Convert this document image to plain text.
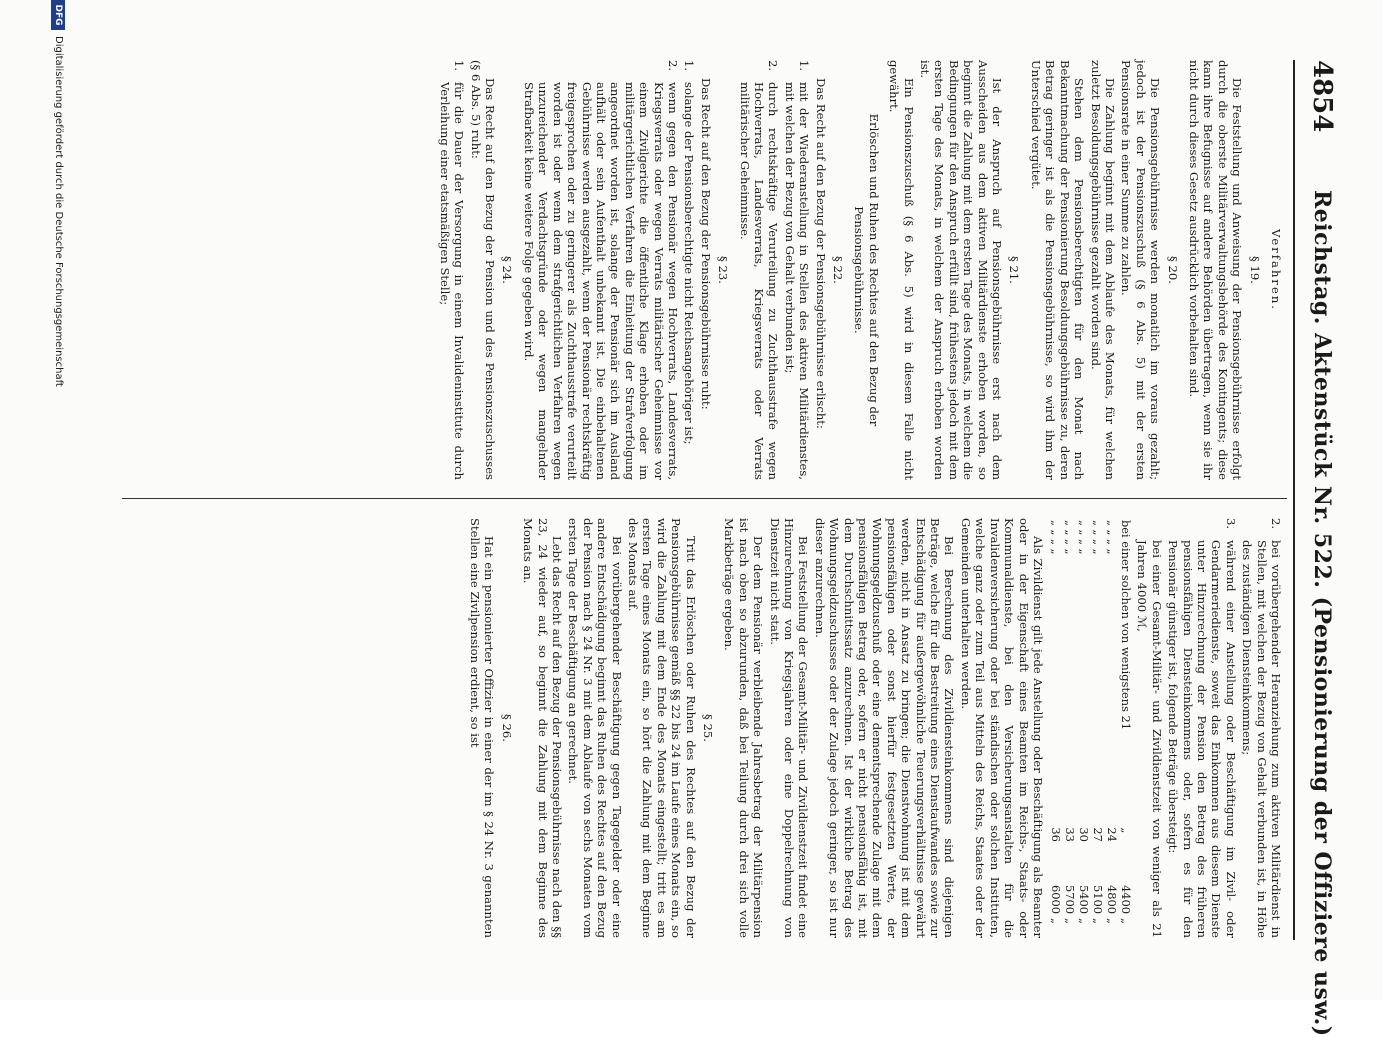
4854
Reichstag. Aktenstück Nr. 522. (Pensionierung der Offiziere usw.)
Verfahren.
§ 19.

Die Feststellung und Anweisung der Pensionsgebührnisse erfolgt durch die oberste Militärverwaltungsbehörde des Kontingents; diese kann ihre Befugnisse auf andere Behörden übertragen, wenn sie ihr nicht durch dieses Gesetz ausdrücklich vorbehalten sind.

§ 20.

Die Pensionsgebührnisse werden monatlich im voraus gezahlt; jedoch ist der Pensionszuschuß (§ 6 Abs. 5) mit der ersten Pensionsrate in einer Summe zu zahlen.

Die Zahlung beginnt mit dem Ablaufe des Monats, für welchen zuletzt Besoldungsgebührnisse gezahlt worden sind.

Stehen dem Pensionsberechtigten für den Monat nach Bekanntmachung der Pensionierung Besoldungsgebührnisse zu, deren Betrag geringer ist als die Pensionsgebührnisse, so wird ihm der Unterschied vergütet.

§ 21.

Ist der Anspruch auf Pensionsgebührnisse erst nach dem Ausscheiden aus dem aktiven Militärdienste erhoben worden, so beginnt die Zahlung mit dem ersten Tage des Monats, in welchem die Bedingungen für den Anspruch erfüllt sind, frühestens jedoch mit dem ersten Tage des Monats, in welchem der Anspruch erhoben worden ist.

Ein Pensionszuschuß (§ 6 Abs. 5) wird in diesem Falle nicht gewährt.

Erlöschen und Ruhen des Rechtes auf den Bezug der Pensionsgebührnisse.
§ 22.

Das Recht auf den Bezug der Pensionsgebührnisse erlischt:

1.
mit der Wiederanstellung in Stellen des aktiven Militärdienstes, mit welchen der Bezug von Gehalt verbunden ist;
2.
durch rechtskräftige Verurteilung zu Zuchthausstrafe wegen Hochverrats, Landesverrats, Kriegsverrats oder Verrats militärischer Geheimnisse.
§ 23.

Das Recht auf den Bezug der Pensionsgebührnisse ruht:

1.
solange der Pensionsberechtigte nicht Reichsangehöriger ist;
2.
wenn gegen den Pensionär wegen Hochverrats, Landesverrats, Kriegsverrats oder wegen Verrats militärischer Geheimnisse vor einem Zivilgerichte die öffentliche Klage erhoben oder im militärgerichtlichen Verfahren die Einleitung der Strafverfolgung angeordnet worden ist, solange der Pensionär sich im Ausland aufhält oder sein Aufenthalt unbekannt ist. Die einbehaltenen Gebührnisse werden ausgezahlt, wenn der Pensionär rechtskräftig freigesprochen oder zu geringerer als Zuchthausstrafe verurteilt worden ist oder wenn dem strafgerichtlichen Verfahren wegen unzureichender Verdachtsgründe oder wegen mangelnder Strafbarkeit keine weitere Folge gegeben wird.
§ 24.

Das Recht auf den Bezug der Pension und des Pensionszuschusses (§ 6 Abs. 5) ruht:

1.
für die Dauer der Versorgung in einem Invalideninstitute durch Verleihung einer etatsmäßigen Stelle;
2.
bei vorübergehender Heranziehung zum aktiven Militärdienst in Stellen, mit welchen der Bezug von Gehalt verbunden ist, in Höhe des zuständigen Diensteinkommens;
3.
während einer Anstellung oder Beschäftigung im Zivil- oder Gendarmeriedienste, soweit das Einkommen aus diesem Dienste unter Hinzurechnung der Pension den Betrag des früheren pensionsfähigen Diensteinkommens oder, sofern es für den Pensionär günstiger ist, folgende Beträge übersteigt:

bei einer Gesamt-Militär- und Zivildienstzeit von weniger als 21 Jahren 4000 ℳ,

bei einer solchen von wenigstens 21	„	4400	„
„ „ „ „	24	4800	„
„ „ „ „	27	5100	„
„ „ „ „	30	5400	„
„ „ „ „	33	5700	„
„ „ „ „	36	6000	„

Als Zivildienst gilt jede Anstellung oder Beschäftigung als Beamter oder in der Eigenschaft eines Beamten im Reichs-, Staats- oder Kommunaldienste, bei den Versicherungsanstalten für die Invalidenversicherung oder bei ständischen oder solchen Instituten, welche ganz oder zum Teil aus Mitteln des Reichs, Staates oder der Gemeinden unterhalten werden.

Bei Berechnung des Zivildiensteinkommens sind diejenigen Beträge, welche für die Bestreitung eines Dienstaufwandes sowie zur Entschädigung für außergewöhnliche Teuerungsverhältnisse gewährt werden, nicht in Ansatz zu bringen; die Dienstwohnung ist mit dem pensionsfähigen oder sonst hierfür festgesetzten Werte, der Wohnungsgeldzuschuß oder eine dementsprechende Zulage mit dem pensionsfähigen Betrag oder, sofern er nicht pensionsfähig ist, mit dem Durchschnittssatz anzurechnen. Ist der wirkliche Betrag des Wohnungsgeldzuschusses oder der Zulage jedoch geringer, so ist nur dieser anzurechnen.

Bei Feststellung der Gesamt-Militär- und Zivildienstzeit findet eine Hinzurechnung von Kriegsjahren oder eine Doppelrechnung von Dienstzeit nicht statt.

Der dem Pensionär verbleibende Jahresbetrag der Militärpension ist nach oben so abzurunden, daß bei Teilung durch drei sich volle Markbeträge ergeben.

§ 25.

Tritt das Erlöschen oder Ruhen des Rechtes auf den Bezug der Pensionsgebührnisse gemäß §§ 22 bis 24 im Laufe eines Monats ein, so wird die Zahlung mit dem Ende des Monats eingestellt; tritt es am ersten Tage eines Monats ein, so hört die Zahlung mit dem Beginne des Monats auf.

Bei vorübergehender Beschäftigung gegen Tagegelder oder eine andere Entschädigung beginnt das Ruhen des Rechtes auf den Bezug der Pension nach § 24 Nr. 3 mit dem Ablaufe von sechs Monaten vom ersten Tage der Beschäftigung an gerechnet.

Lebt das Recht auf den Bezug der Pensionsgebührnisse nach den §§ 23, 24 wieder auf, so beginnt die Zahlung mit dem Beginne des Monats an.

§ 26.

Hat ein pensionierter Offizier in einer der im § 24 Nr. 3 genannten Stellen eine Zivilpension erdient, so ist

DFG
Digitalisierung gefördert durch die Deutsche Forschungsgemeinschaft
